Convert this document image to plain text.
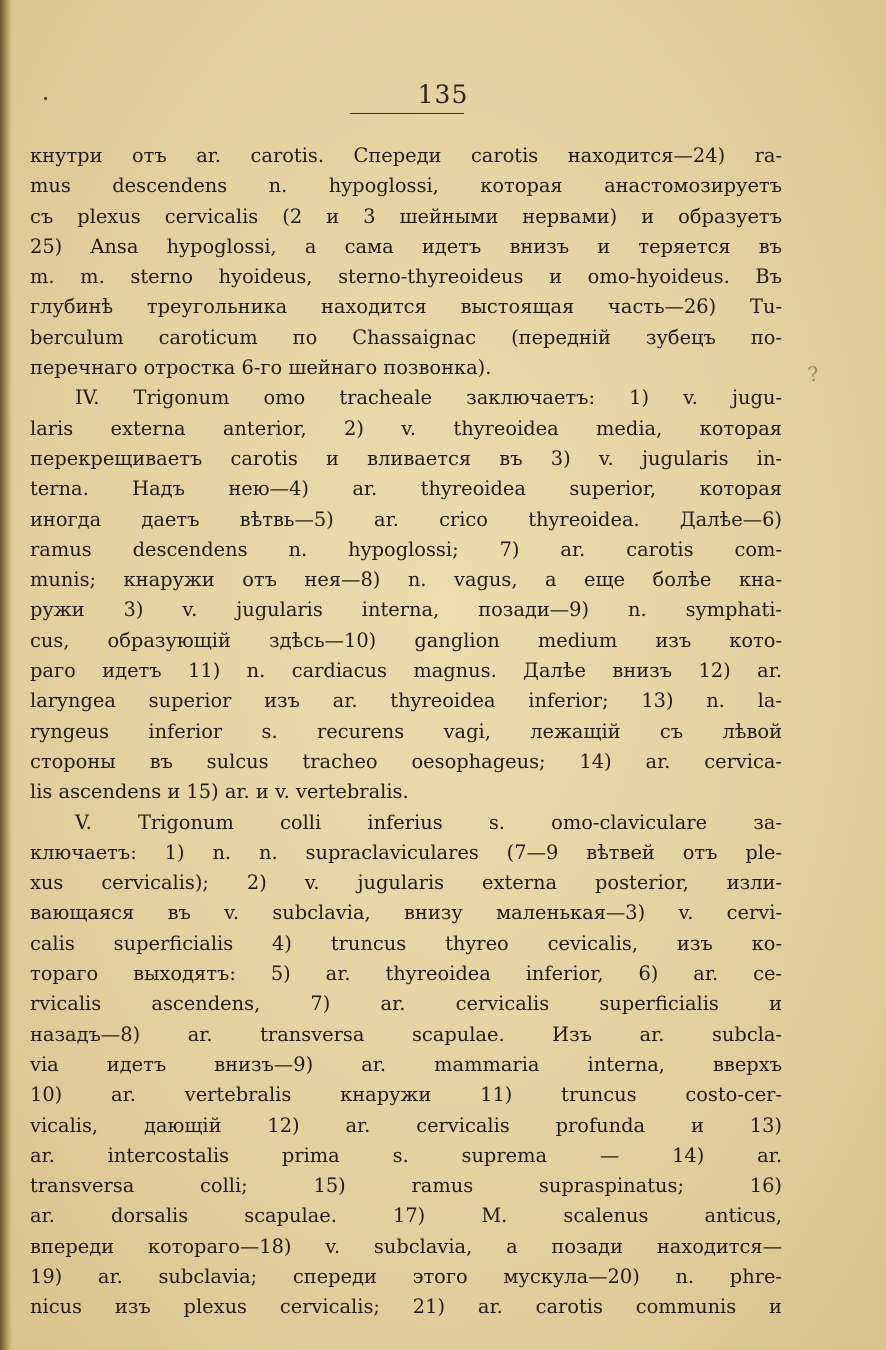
135
?
кнутри отъ ar. carotis. Спереди carotis находится—24) ra-
mus descendens n. hypoglossi, которая анастомозируетъ
съ plexus cervicalis (2 и 3 шейными нервами) и образуетъ
25) Ansa hypoglossi, а сама идетъ внизъ и теряется въ
m. m. sterno hyoideus, sterno-thyreoideus и omo-hyoideus. Въ
глубинѣ треугольника находится выстоящая часть—26) Tu-
berculum caroticum по Chassaignac (переднiй зубецъ по-
перечнаго отростка 6-го шейнаго позвонка).
IV. Trigonum omo tracheale заключаетъ: 1) v. jugu-
laris externa anterior, 2) v. thyreoidea media, которая
перекрещиваетъ carotis и вливается въ 3) v. jugularis in-
terna. Надъ нею—4) ar. thyreoidea superior, которая
иногда даетъ вѣтвь—5) ar. crico thyreoidea. Далѣе—6)
ramus descendens n. hypoglossi; 7) ar. carotis com-
munis; кнаружи отъ нея—8) n. vagus, а еще болѣе кна-
ружи 3) v. jugularis interna, позади—9) n. symphati-
cus, образующiй здѣсь—10) ganglion medium изъ кото-
раго идетъ 11) n. cardiacus magnus. Далѣе внизъ 12) ar.
laryngea superior изъ ar. thyreoidea inferior; 13) n. la-
ryngeus inferior s. recurens vagi, лежащiй съ лѣвой
стороны въ sulcus tracheo oesophageus; 14) ar. cervica-
lis ascendens и 15) ar. и v. vertebralis.
V. Trigonum colli inferius s. omo-claviculare за-
ключаетъ: 1) n. n. supraclaviculares (7—9 вѣтвей отъ ple-
xus cervicalis); 2) v. jugularis externa posterior, изли-
вающаяся въ v. subclavia, внизу маленькая—3) v. cervi-
calis superficialis 4) truncus thyreo cevicalis, изъ ко-
тораго выходятъ: 5) ar. thyreoidea inferior, 6) ar. ce-
rvicalis ascendens, 7) ar. cervicalis superficialis и
назадъ—8) ar. transversa scapulae. Изъ ar. subcla-
via идетъ внизъ—9) ar. mammaria interna, вверхъ
10) ar. vertebralis кнаружи 11) truncus costo-cer-
vicalis, дающiй 12) ar. cervicalis profunda и 13)
ar. intercostalis prima s. suprema — 14) ar.
transversa colli; 15) ramus supraspinatus; 16)
ar. dorsalis scapulae. 17) M. scalenus anticus,
впереди котораго—18) v. subclavia, а позади находится—
19) ar. subclavia; спереди этого мускула—20) n. phre-
nicus изъ plexus cervicalis; 21) ar. carotis communis и
